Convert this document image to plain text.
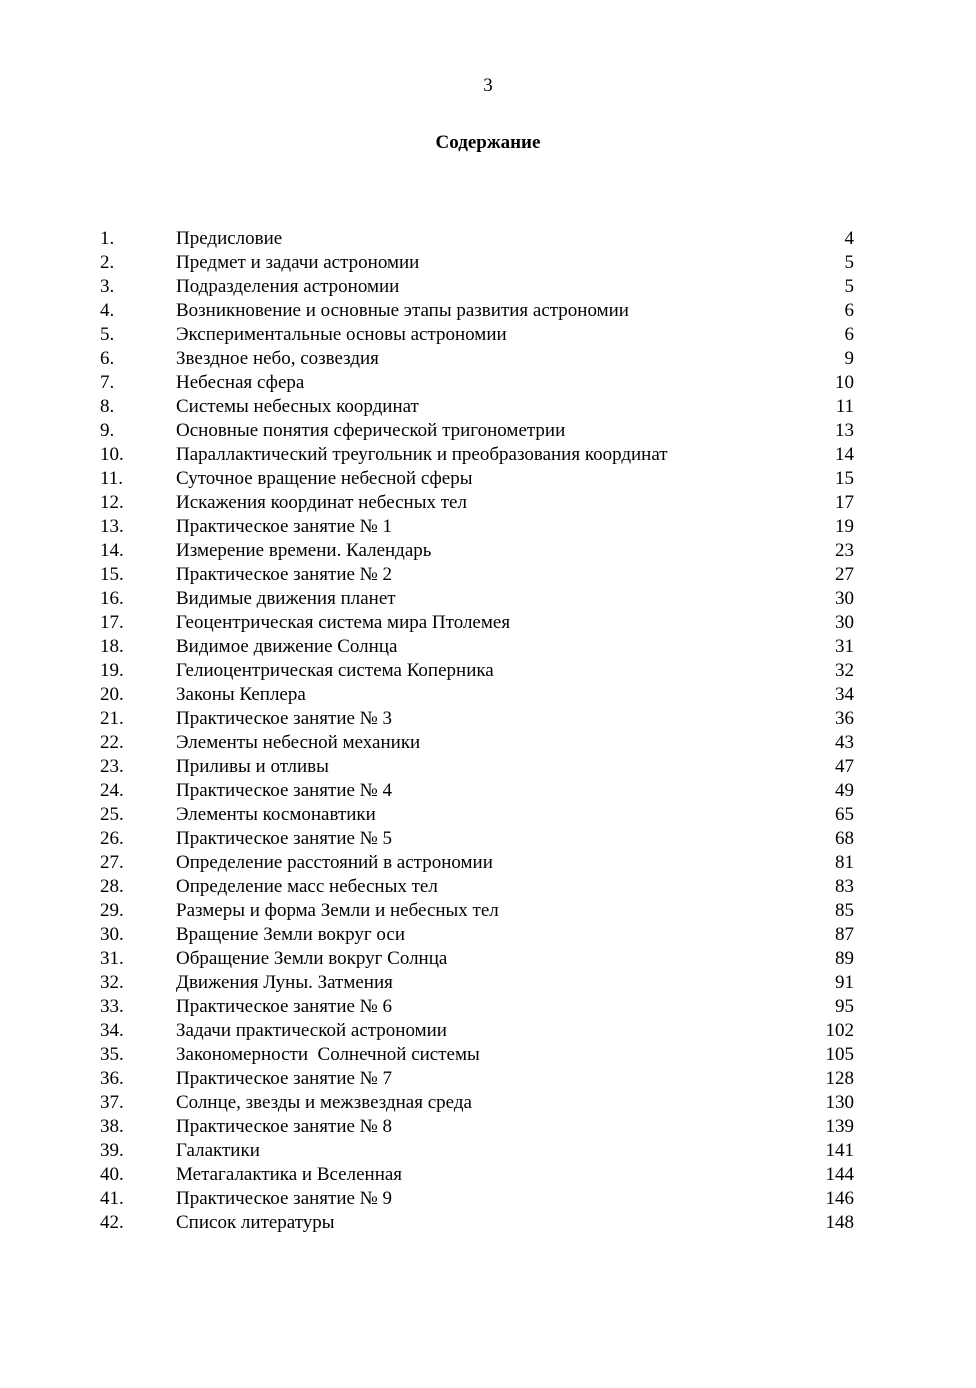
3
Содержание
1.	Предисловие	4
2.	Предмет и задачи астрономии	5
3.	Подразделения астрономии	5
4.	Возникновение и основные этапы развития астрономии	6
5.	Экспериментальные основы астрономии	6
6.	Звездное небо, созвездия	9
7.	Небесная сфера	10
8.	Системы небесных координат	11
9.	Основные понятия сферической тригонометрии	13
10.	Параллактический треугольник и преобразования координат	14
11.	Суточное вращение небесной сферы	15
12.	Искажения координат небесных тел	17
13.	Практическое занятие № 1	19
14.	Измерение времени. Календарь	23
15.	Практическое занятие № 2	27
16.	Видимые движения планет	30
17.	Геоцентрическая система мира Птолемея	30
18.	Видимое движение Солнца	31
19.	Гелиоцентрическая система Коперника	32
20.	Законы Кеплера	34
21.	Практическое занятие № 3	36
22.	Элементы небесной механики	43
23.	Приливы и отливы	47
24.	Практическое занятие № 4	49
25.	Элементы космонавтики	65
26.	Практическое занятие № 5	68
27.	Определение расстояний в астрономии	81
28.	Определение масс небесных тел	83
29.	Размеры и форма Земли и небесных тел	85
30.	Вращение Земли вокруг оси	87
31.	Обращение Земли вокруг Солнца	89
32.	Движения Луны. Затмения	91
33.	Практическое занятие № 6	95
34.	Задачи практической астрономии	102
35.	Закономерности  Солнечной системы	105
36.	Практическое занятие № 7	128
37.	Солнце, звезды и межзвездная среда	130
38.	Практическое занятие № 8	139
39.	Галактики	141
40.	Метагалактика и Вселенная	144
41.	Практическое занятие № 9	146
42.	Список литературы	148
